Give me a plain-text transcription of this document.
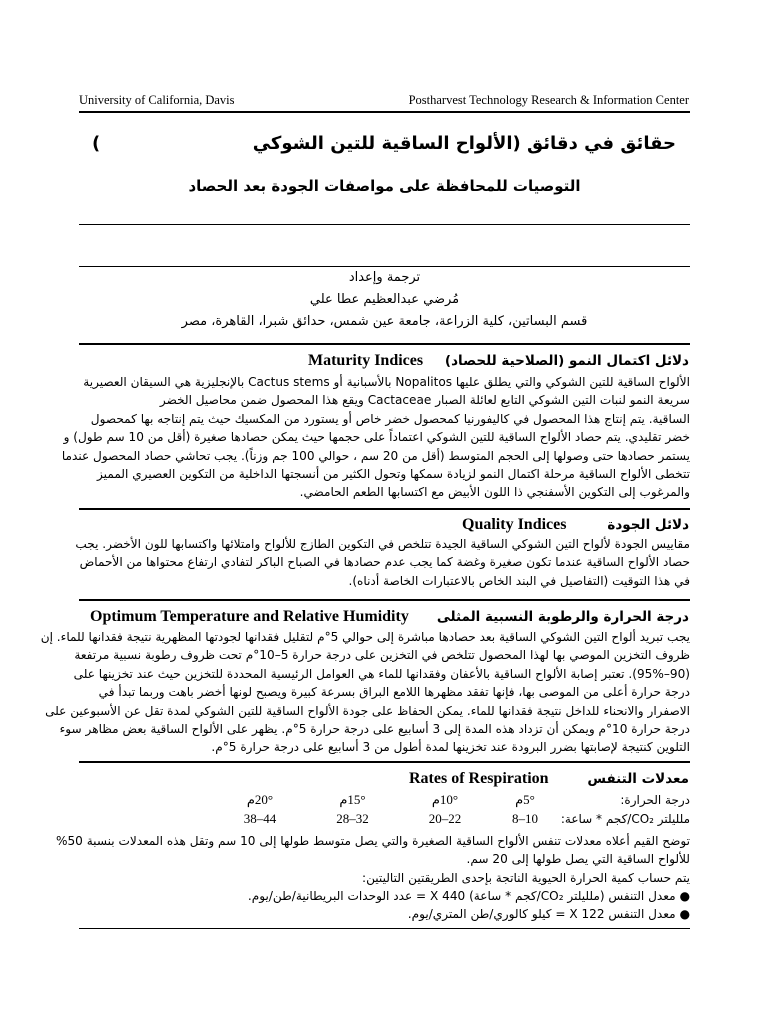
University of California, Davis	Postharvest Technology Research & Information Center
حقائق في دقائق (الألواح الساقية للتين الشوكي
)
التوصيات للمحافظة على مواصفات الجودة بعد الحصاد
ترجمة وإعداد
مُرضي عبدالعظيم عطا علي
قسم البساتين، كلية الزراعة، جامعة عين شمس، حدائق شبرا، القاهرة، مصر
دلائل اكتمال النمو (الصلاحية للحصاد)
Maturity Indices
الألواح الساقية للتين الشوكي والتي يطلق عليها Nopalitos بالأسبانية أو Cactus stems بالإنجليزية هي السيقان العصيرية
سريعة النمو لنبات التين الشوكي التابع لعائلة الصبار Cactaceae ويقع هذا المحصول ضمن محاصيل الخضر
الساقية. يتم إنتاج هذا المحصول في كاليفورنيا كمحصول خضر خاص أو يستورد من المكسيك حيث يتم إنتاجه بها كمحصول
خضر تقليدي. يتم حصاد الألواح الساقية للتين الشوكي اعتماداً على حجمها حيث يمكن حصادها صغيرة (أقل من 10 سم طول) و
يستمر حصادها حتى وصولها إلى الحجم المتوسط (أقل من 20 سم ، حوالي 100 جم وزناً). يجب تحاشي حصاد المحصول عندما
تتخطى الألواح الساقية مرحلة اكتمال النمو لزيادة سمكها وتحول الكثير من أنسجتها الداخلية من التكوين العصيري المميز
والمرغوب إلى التكوين الأسفنجي ذا اللون الأبيض مع اكتسابها الطعم الحامضي.
دلائل الجودة
Quality Indices
مقاييس الجودة لألواح التين الشوكي الساقية الجيدة تتلخص في التكوين الطازج للألواح وامتلائها واكتسابها للون الأخضر. يجب
حصاد الألواح الساقية عندما تكون صغيرة وغضة كما يجب عدم حصادها في الصباح الباكر لتفادي ارتفاع محتواها من الأحماض
في هذا التوقيت (التفاصيل في البند الخاص بالاعتبارات الخاصة أدناه).
درجة الحرارة والرطوبة النسبية المثلى
Optimum Temperature and Relative Humidity
يجب تبريد ألواح التين الشوكي الساقية بعد حصادها مباشرة إلى حوالي 5°م لتقليل فقدانها لجودتها المظهرية نتيجة فقدانها للماء. إن
ظروف التخزين الموصي بها لهذا المحصول تتلخص في التخزين على درجة حرارة 5–10°م تحت ظروف رطوبة نسبية مرتفعة
(90–95%). تعتبر إصابة الألواح الساقية بالأعفان وفقدانها للماء هي العوامل الرئيسية المحددة للتخزين حيث عند تخزينها على
درجة حرارة أعلى من الموصى بها، فإنها تفقد مظهرها اللامع البراق بسرعة كبيرة ويصبح لونها أخضر باهت وربما تبدأ في
الاصفرار والانحناء للداخل نتيجة فقدانها للماء. يمكن الحفاظ على جودة الألواح الساقية للتين الشوكي لمدة تقل عن الأسبوعين على
درجة حرارة 10°م ويمكن أن تزداد هذه المدة إلى 3 أسابيع على درجة حرارة 5°م. يظهر على الألواح الساقية بعض مظاهر سوء
التلوين كنتيجة لإصابتها بضرر البرودة عند تخزينها لمدة أطول من 3 أسابيع على درجة حرارة 5°م.
معدلات التنفس
Rates of Respiration
درجة الحرارة:	5°م	10°م	15°م	20°م	
ملليلتر CO₂/كجم * ساعة:	10–8	22–20	32–28	44–38	
توضح القيم أعلاه معدلات تنفس الألواح الساقية الصغيرة والتي يصل متوسط طولها إلى 10 سم وتقل هذه المعدلات بنسبة 50%
للألواح الساقية التي يصل طولها إلى 20 سم.
يتم حساب كمية الحرارة الحيوية الناتجة بإحدى الطريقتين التاليتين:
● معدل التنفس (ملليلتر CO₂/كجم * ساعة) X 440 = عدد الوحدات البريطانية/طن/يوم.
● معدل التنفس X 122 = كيلو كالوري/طن المتري/يوم.
